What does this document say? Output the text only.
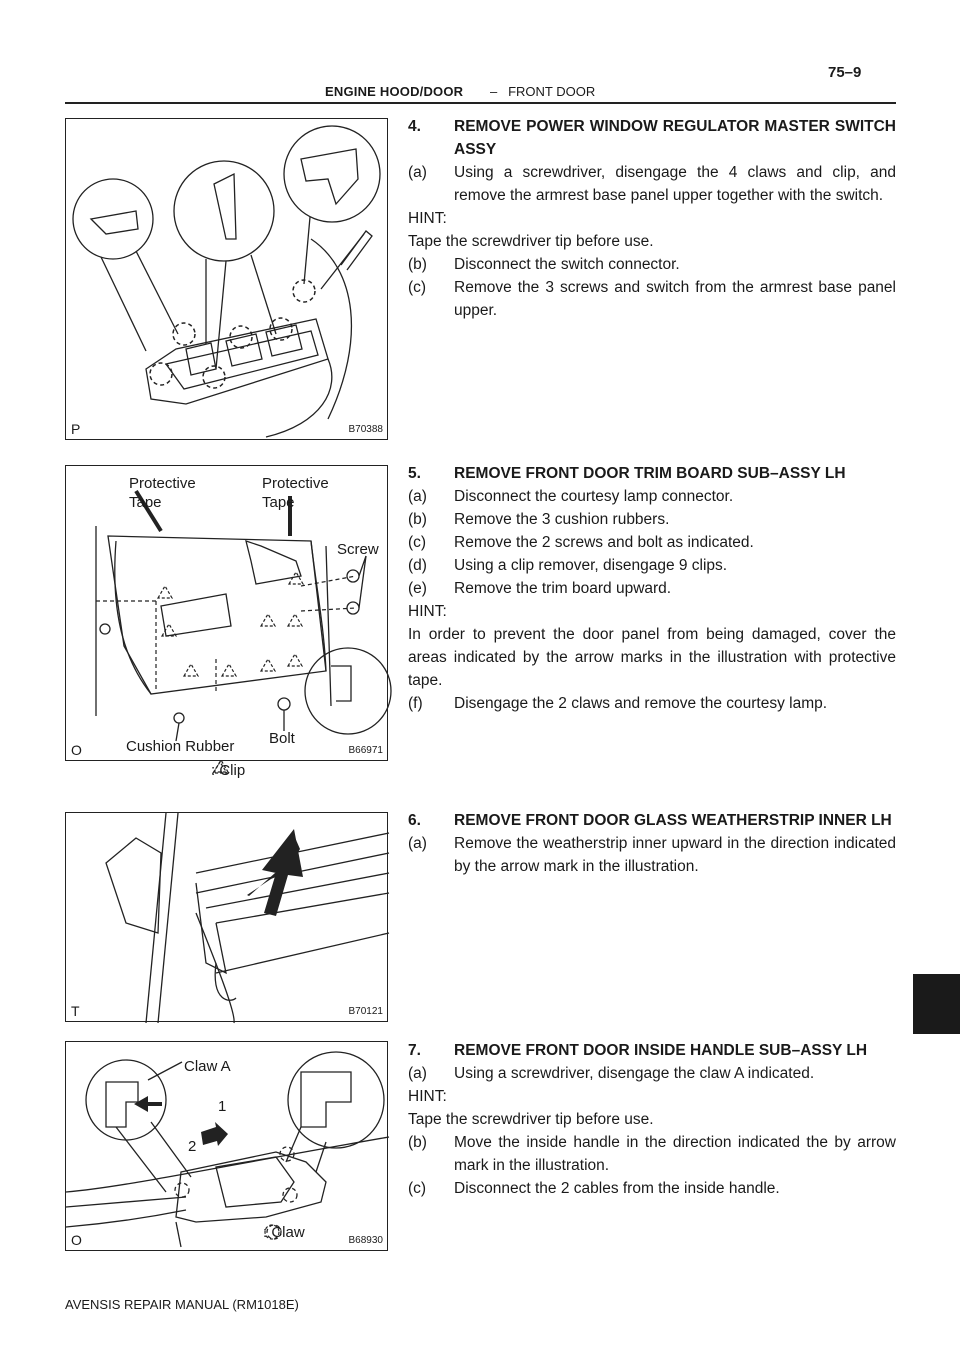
ENGINE HOOD/DOOR – FRONT DOOR
75–9
P	B70388
Protective Tape
Protective Tape
Screw
Cushion Rubber Bolt
: Clip
O	B66971
T	B70121
Claw A
1
2
: Claw
O	B68930
4.	REMOVE POWER WINDOW REGULATOR MASTER SWITCH ASSY
(a)	Using a screwdriver, disengage the 4 claws and clip, and remove the armrest base panel upper together with the switch.

HINT:

Tape the screwdriver tip before use.

(b)	Disconnect the switch connector.
(c)	Remove the 3 screws and switch from the armrest base panel upper.
5.	REMOVE FRONT DOOR TRIM BOARD SUB–ASSY LH
(a)	Disconnect the courtesy lamp connector.
(b)	Remove the 3 cushion rubbers.
(c)	Remove the 2 screws and bolt as indicated.
(d)	Using a clip remover, disengage 9 clips.
(e)	Remove the trim board upward.

HINT:

In order to prevent the door panel from being damaged, cover the areas indicated by the arrow marks in the illustration with protective tape.

(f)	Disengage the 2 claws and remove the courtesy lamp.
6.	REMOVE FRONT DOOR GLASS WEATHERSTRIP INNER LH
(a)	Remove the weatherstrip inner upward in the direction indicated by the arrow mark in the illustration.
7.	REMOVE FRONT DOOR INSIDE HANDLE SUB–ASSY LH
(a)	Using a screwdriver, disengage the claw A indicated.

HINT:

Tape the screwdriver tip before use.

(b)	Move the inside handle in the direction indicated the by arrow mark in the illustration.
(c)	Disconnect the 2 cables from the inside handle.
AVENSIS REPAIR MANUAL (RM1018E)
